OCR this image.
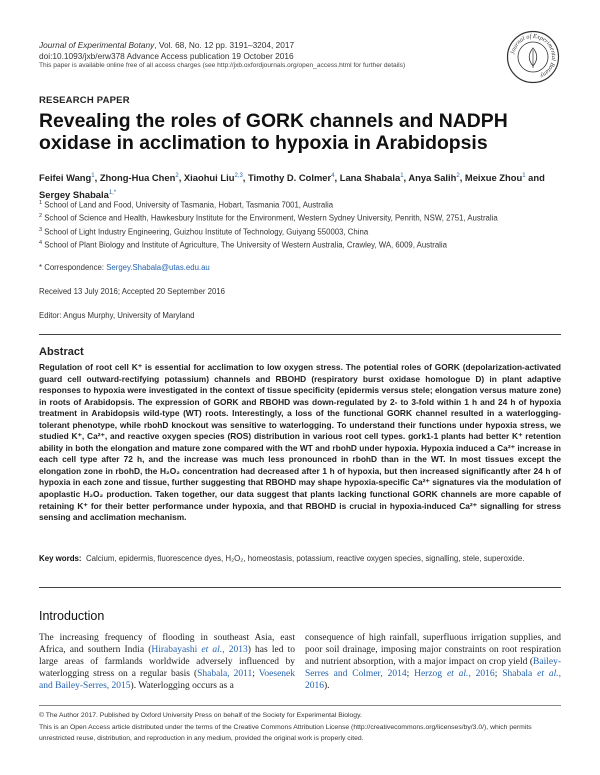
Journal of Experimental Botany, Vol. 68, No. 12 pp. 3191–3204, 2017
doi:10.1093/jxb/erw378 Advance Access publication 19 October 2016
This paper is available online free of all access charges (see http://jxb.oxfordjournals.org/open_access.html for further details)
Journal of Experimental Botany
RESEARCH PAPER
Revealing the roles of GORK channels and NADPH oxidase in acclimation to hypoxia in Arabidopsis
Feifei Wang$^1$, Zhong-Hua Chen$^2$, Xiaohui Liu$^{2,3}$, Timothy D. Colmer$^4$, Lana Shabala$^1$, Anya Salih$^2$, Meixue Zhou$^1$ and Sergey Shabala$^{1,*}$
$^1$ School of Land and Food, University of Tasmania, Hobart, Tasmania 7001, Australia
$^2$ School of Science and Health, Hawkesbury Institute for the Environment, Western Sydney University, Penrith, NSW, 2751, Australia
$^3$ School of Light Industry Engineering, Guizhou Institute of Technology, Guiyang 550003, China
$^4$ School of Plant Biology and Institute of Agriculture, The University of Western Australia, Crawley, WA, 6009, Australia
* Correspondence: Sergey.Shabala@utas.edu.au
Received 13 July 2016; Accepted 20 September 2016
Editor: Angus Murphy, University of Maryland
Abstract
Regulation of root cell K⁺ is essential for acclimation to low oxygen stress. The potential roles of GORK (depolarization-activated guard cell outward-rectifying potassium) channels and RBOHD (respiratory burst oxidase homologue D) in plant adaptive responses to hypoxia were investigated in the context of tissue specificity (epidermis versus stele; elongation versus mature zone) in roots of Arabidopsis. The expression of GORK and RBOHD was down-regulated by 2- to 3-fold within 1 h and 24 h of hypoxia treatment in Arabidopsis wild-type (WT) roots. Interestingly, a loss of the functional GORK channel resulted in a waterlogging-tolerant phenotype, while rbohD knockout was sensitive to waterlogging. To understand their functions under hypoxia stress, we studied K⁺, Ca²⁺, and reactive oxygen species (ROS) distribution in various root cell types. gork1-1 plants had better K⁺ retention ability in both the elongation and mature zone compared with the WT and rbohD under hypoxia. Hypoxia induced a Ca²⁺ increase in each cell type after 72 h, and the increase was much less pronounced in rbohD than in the WT. In most tissues except the elongation zone in rbohD, the H₂O₂ concentration had decreased after 1 h of hypoxia, but then increased significantly after 24 h of hypoxia in each zone and tissue, further suggesting that RBOHD may shape hypoxia-specific Ca²⁺ signatures via the modulation of apoplastic H₂O₂ production. Taken together, our data suggest that plants lacking functional GORK channels are more capable of retaining K⁺ for their better performance under hypoxia, and that RBOHD is crucial in hypoxia-induced Ca²⁺ signalling for stress sensing and acclimation mechanism.
Key words: Calcium, epidermis, fluorescence dyes, H₂O₂, homeostasis, potassium, reactive oxygen species, signalling, stele, superoxide.
Introduction
The increasing frequency of flooding in southeast Asia, east Africa, and southern India (Hirabayashi et al., 2013) has led to large areas of farmlands worldwide adversely influenced by waterlogging stress on a regular basis (Shabala, 2011; Voesenek and Bailey-Serres, 2015). Waterlogging occurs as a
consequence of high rainfall, superfluous irrigation supplies, and poor soil drainage, imposing major constraints on root respiration and nutrient absorption, with a major impact on crop yield (Bailey-Serres and Colmer, 2014; Herzog et al., 2016; Shabala et al., 2016).
© The Author 2017. Published by Oxford University Press on behalf of the Society for Experimental Biology.
This is an Open Access article distributed under the terms of the Creative Commons Attribution License (http://creativecommons.org/licenses/by/3.0/), which permits unrestricted reuse, distribution, and reproduction in any medium, provided the original work is properly cited.
